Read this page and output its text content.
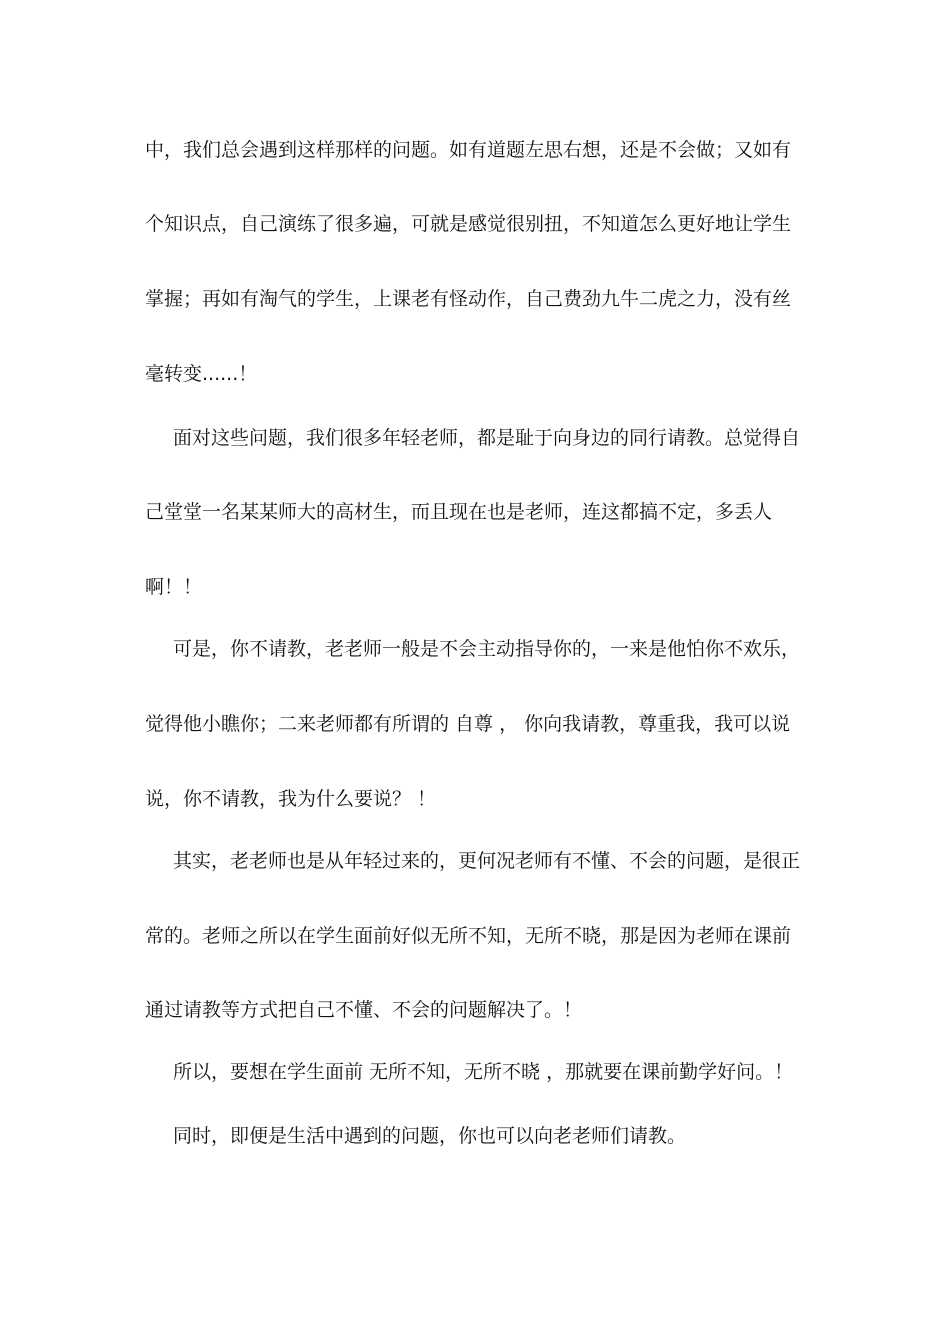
中，我们总会遇到这样那样的问题。如有道题左思右想，还是不会做；又如有
个知识点，自己演练了很多遍，可就是感觉很别扭，不知道怎么更好地让学生
掌握；再如有淘气的学生，上课老有怪动作，自己费劲九牛二虎之力，没有丝
毫转变......！
面对这些问题，我们很多年轻老师，都是耻于向身边的同行请教。总觉得自
己堂堂一名某某师大的高材生，而且现在也是老师，连这都搞不定，多丢人
啊！！
可是，你不请教，老老师一般是不会主动指导你的，一来是他怕你不欢乐，
觉得他小瞧你；二来老师都有所谓的 自尊 ， 你向我请教，尊重我，我可以说
说，你不请教，我为什么要说？ ！
其实，老老师也是从年轻过来的，更何况老师有不懂、不会的问题，是很正
常的。老师之所以在学生面前好似无所不知，无所不晓，那是因为老师在课前
通过请教等方式把自己不懂、不会的问题解决了。！
所以，要想在学生面前 无所不知，无所不晓 ，那就要在课前勤学好问。！
同时，即便是生活中遇到的问题，你也可以向老老师们请教。
